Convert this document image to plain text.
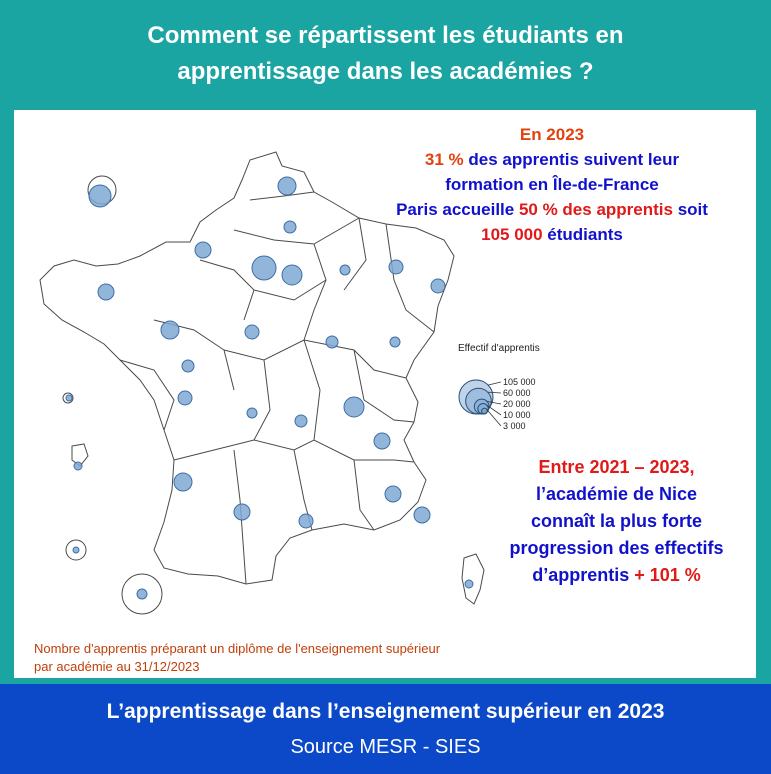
Comment se répartissent les étudiants en
apprentissage dans les académies ?
En 2023
31 % des apprentis suivent leur
formation en Île-de-France
Paris accueille 50 % des apprentis soit
105 000 étudiants
Effectif d'apprentis
105 000
60 000
20 000
10 000
3 000
Entre 2021 – 2023,
l’académie de Nice
connaît la plus forte
progression des effectifs
d’apprentis + 101 %
Nombre d'apprentis préparant un diplôme de l'enseignement supérieur
par académie au 31/12/2023
L’apprentissage dans l’enseignement supérieur en 2023
Source MESR - SIES
